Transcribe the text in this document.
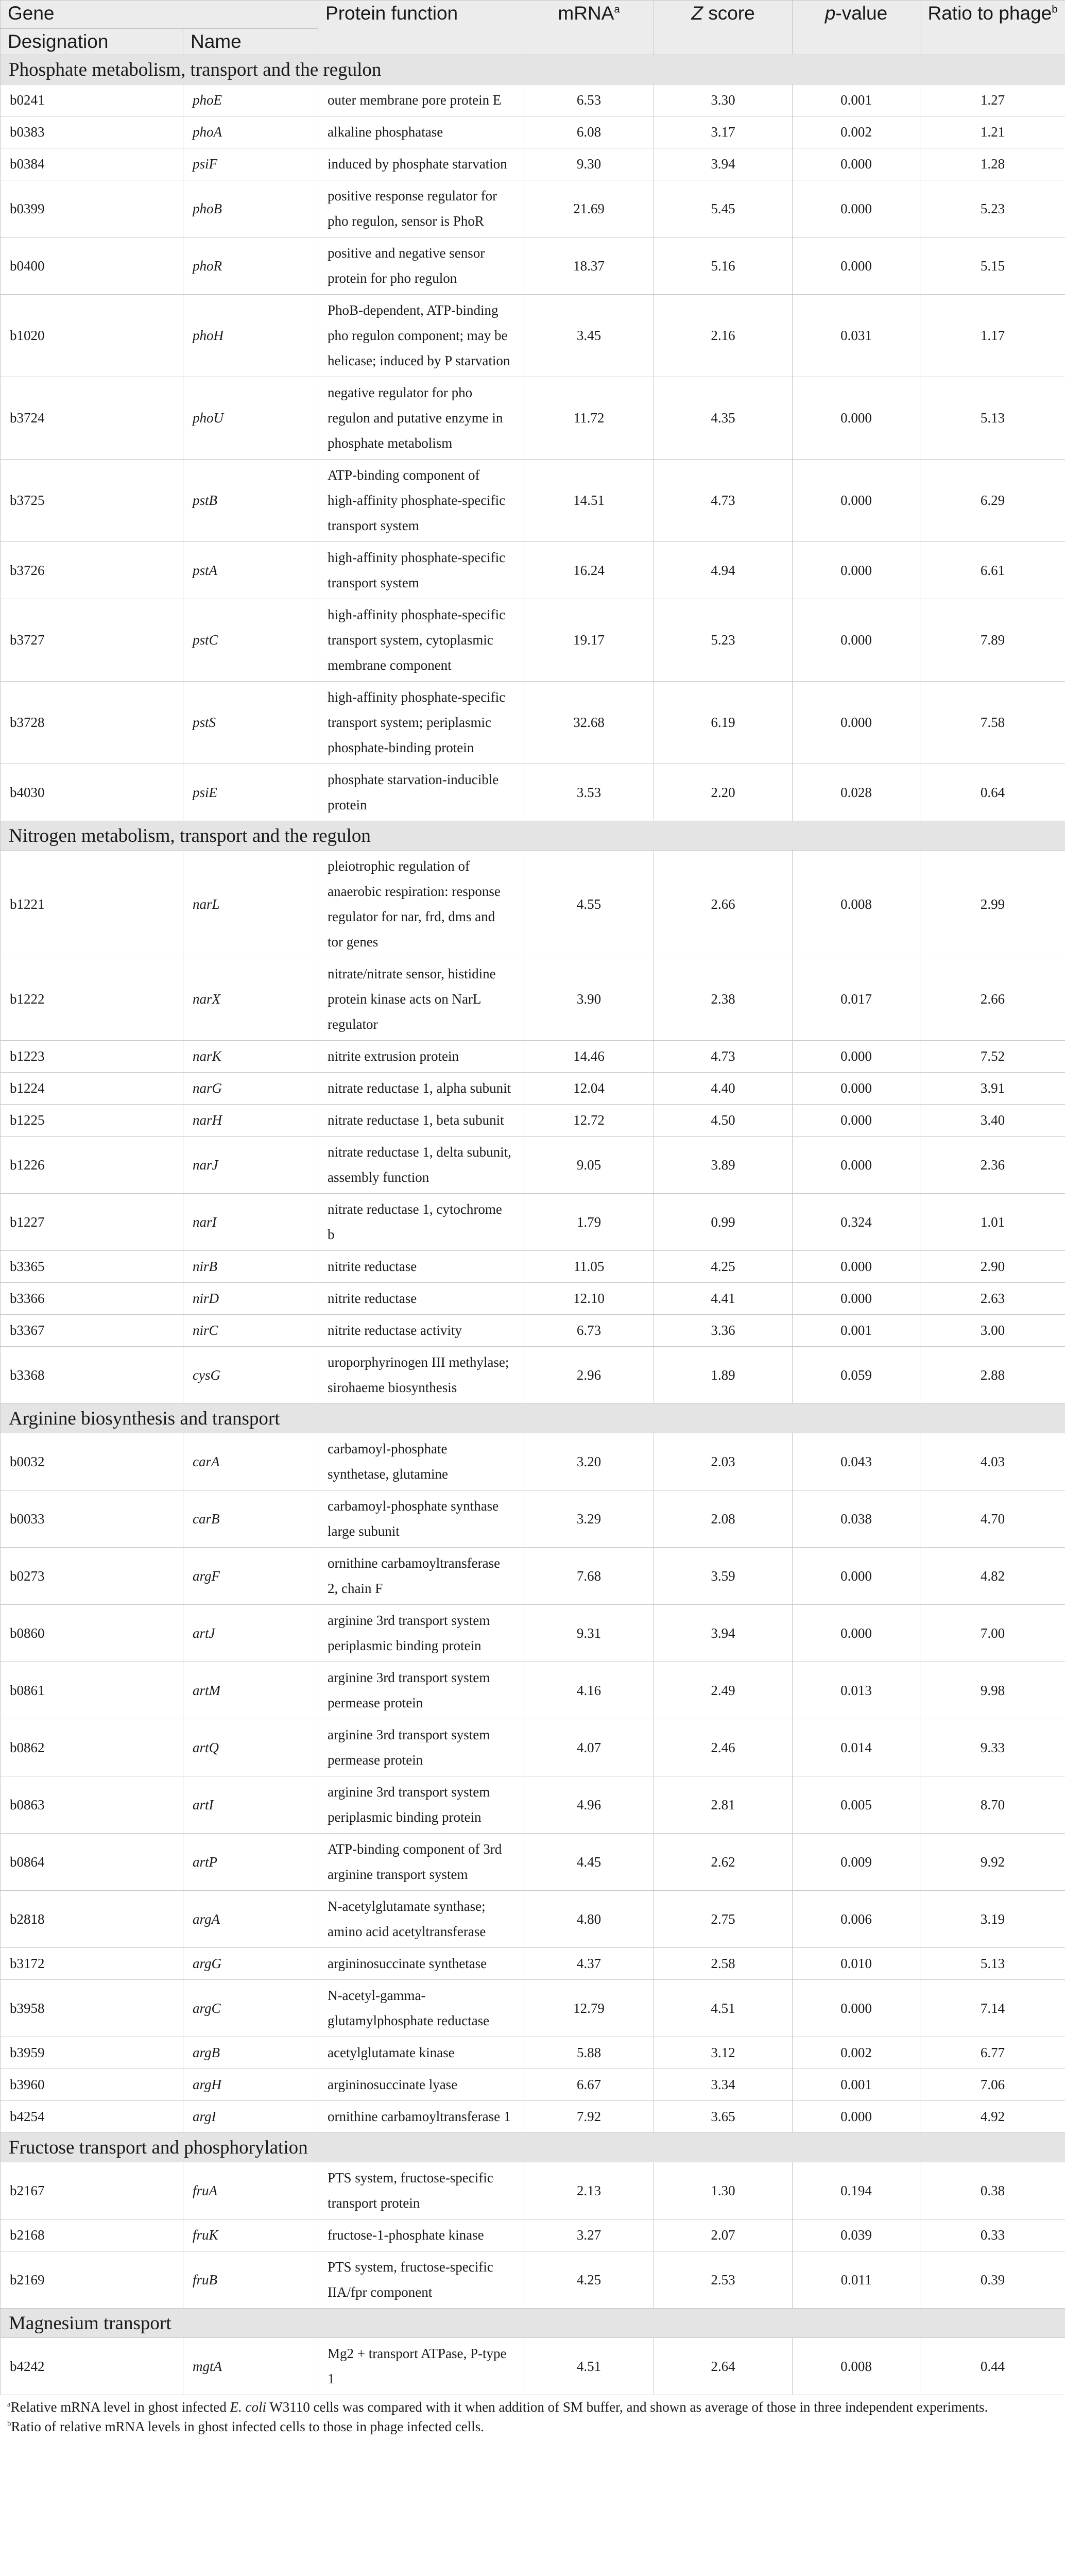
Gene		Protein function	mRNA$^a$	Z score	p-value	Ratio to phage$^b$
Designation	Name					
Phosphate metabolism, transport and the regulon						
b0241	phoE	outer membrane pore protein E	6.53	3.30	0.001	1.27
b0383	phoA	alkaline phosphatase	6.08	3.17	0.002	1.21
b0384	psiF	induced by phosphate starvation	9.30	3.94	0.000	1.28
b0399	phoB	positive response regulator for pho regulon, sensor is PhoR	21.69	5.45	0.000	5.23
b0400	phoR	positive and negative sensor protein for pho regulon	18.37	5.16	0.000	5.15
b1020	phoH	PhoB-dependent, ATP-binding pho regulon component; may be helicase; induced by P starvation	3.45	2.16	0.031	1.17
b3724	phoU	negative regulator for pho regulon and putative enzyme in phosphate metabolism	11.72	4.35	0.000	5.13
b3725	pstB	ATP-binding component of high-affinity phosphate-specific transport system	14.51	4.73	0.000	6.29
b3726	pstA	high-affinity phosphate-specific transport system	16.24	4.94	0.000	6.61
b3727	pstC	high-affinity phosphate-specific transport system, cytoplasmic membrane component	19.17	5.23	0.000	7.89
b3728	pstS	high-affinity phosphate-specific transport system; periplasmic phosphate-binding protein	32.68	6.19	0.000	7.58
b4030	psiE	phosphate starvation-inducible protein	3.53	2.20	0.028	0.64
Nitrogen metabolism, transport and the regulon						
b1221	narL	pleiotrophic regulation of anaerobic respiration: response regulator for nar, frd, dms and tor genes	4.55	2.66	0.008	2.99
b1222	narX	nitrate/nitrate sensor, histidine protein kinase acts on NarL regulator	3.90	2.38	0.017	2.66
b1223	narK	nitrite extrusion protein	14.46	4.73	0.000	7.52
b1224	narG	nitrate reductase 1, alpha subunit	12.04	4.40	0.000	3.91
b1225	narH	nitrate reductase 1, beta subunit	12.72	4.50	0.000	3.40
b1226	narJ	nitrate reductase 1, delta subunit, assembly function	9.05	3.89	0.000	2.36
b1227	narI	nitrate reductase 1, cytochrome b	1.79	0.99	0.324	1.01
b3365	nirB	nitrite reductase	11.05	4.25	0.000	2.90
b3366	nirD	nitrite reductase	12.10	4.41	0.000	2.63
b3367	nirC	nitrite reductase activity	6.73	3.36	0.001	3.00
b3368	cysG	uroporphyrinogen III methylase; sirohaeme biosynthesis	2.96	1.89	0.059	2.88
Arginine biosynthesis and transport						
b0032	carA	carbamoyl-phosphate synthetase, glutamine	3.20	2.03	0.043	4.03
b0033	carB	carbamoyl-phosphate synthase large subunit	3.29	2.08	0.038	4.70
b0273	argF	ornithine carbamoyltransferase 2, chain F	7.68	3.59	0.000	4.82
b0860	artJ	arginine 3rd transport system periplasmic binding protein	9.31	3.94	0.000	7.00
b0861	artM	arginine 3rd transport system permease protein	4.16	2.49	0.013	9.98
b0862	artQ	arginine 3rd transport system permease protein	4.07	2.46	0.014	9.33
b0863	artI	arginine 3rd transport system periplasmic binding protein	4.96	2.81	0.005	8.70
b0864	artP	ATP-binding component of 3rd arginine transport system	4.45	2.62	0.009	9.92
b2818	argA	N-acetylglutamate synthase; amino acid acetyltransferase	4.80	2.75	0.006	3.19
b3172	argG	argininosuccinate synthetase	4.37	2.58	0.010	5.13
b3958	argC	N-acetyl-gamma-glutamylphosphate reductase	12.79	4.51	0.000	7.14
b3959	argB	acetylglutamate kinase	5.88	3.12	0.002	6.77
b3960	argH	argininosuccinate lyase	6.67	3.34	0.001	7.06
b4254	argI	ornithine carbamoyltransferase 1	7.92	3.65	0.000	4.92
Fructose transport and phosphorylation						
b2167	fruA	PTS system, fructose-specific transport protein	2.13	1.30	0.194	0.38
b2168	fruK	fructose-1-phosphate kinase	3.27	2.07	0.039	0.33
b2169	fruB	PTS system, fructose-specific IIA/fpr component	4.25	2.53	0.011	0.39
Magnesium transport						
b4242	mgtA	Mg2 + transport ATPase, P-type 1	4.51	2.64	0.008	0.44
$^a$Relative mRNA level in ghost infected E. coli W3110 cells was compared with it when addition of SM buffer, and shown as average of those in three independent experiments.
$^b$Ratio of relative mRNA levels in ghost infected cells to those in phage infected cells.
